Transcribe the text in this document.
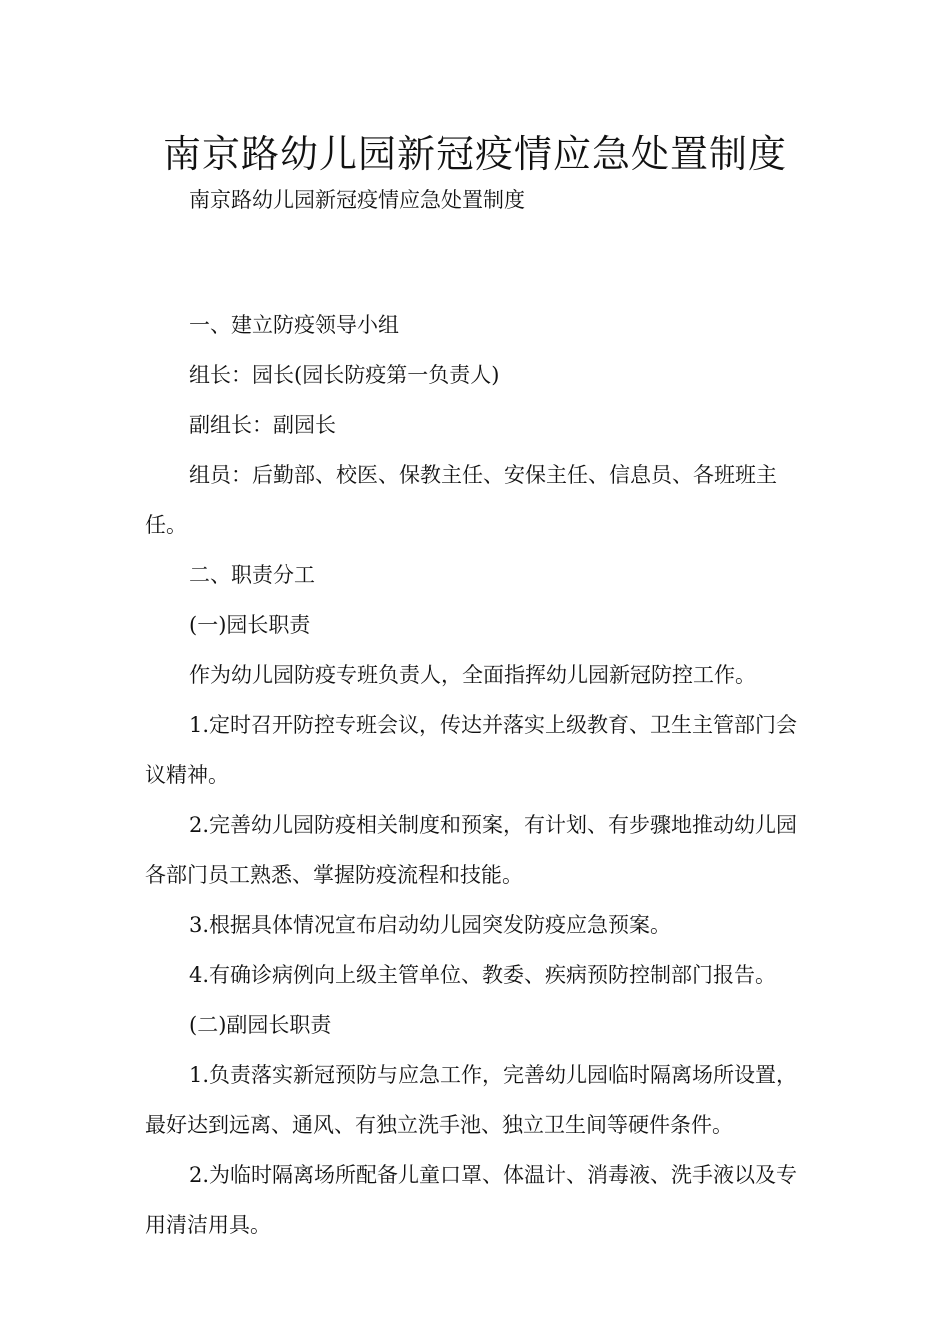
南京路幼儿园新冠疫情应急处置制度

南京路幼儿园新冠疫情应急处置制度

一、建立防疫领导小组

组长：园长(园长防疫第一负责人)

副组长：副园长

组员：后勤部、校医、保教主任、安保主任、信息员、各班班主任。

二、职责分工

(一)园长职责

作为幼儿园防疫专班负责人，全面指挥幼儿园新冠防控工作。

1.定时召开防控专班会议，传达并落实上级教育、卫生主管部门会议精神。

2.完善幼儿园防疫相关制度和预案，有计划、有步骤地推动幼儿园各部门员工熟悉、掌握防疫流程和技能。

3.根据具体情况宣布启动幼儿园突发防疫应急预案。

4.有确诊病例向上级主管单位、教委、疾病预防控制部门报告。

(二)副园长职责

1.负责落实新冠预防与应急工作，完善幼儿园临时隔离场所设置，最好达到远离、通风、有独立洗手池、独立卫生间等硬件条件。

2.为临时隔离场所配备儿童口罩、体温计、消毒液、洗手液以及专用清洁用具。
